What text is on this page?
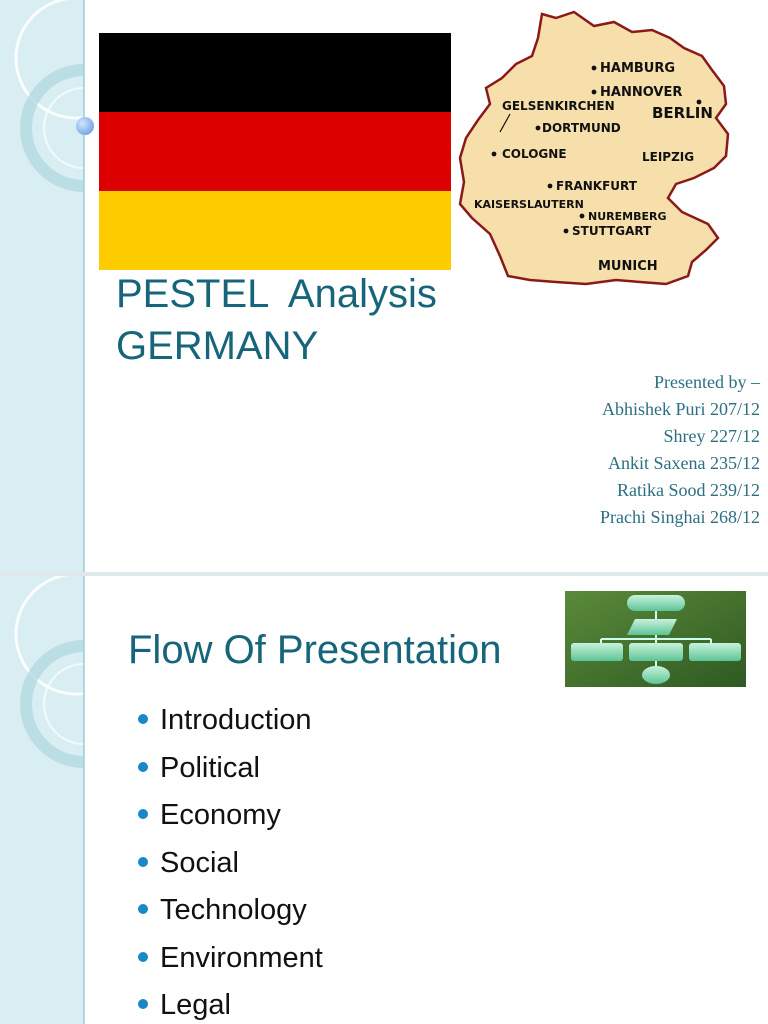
HAMBURG
HANNOVER
BERLIN
GELSENKIRCHEN
DORTMUND
COLOGNE	LEIPZIG
FRANKFURT
KAISERSLAUTERN
NUREMBERG
STUTTGART
MUNICH
PESTEL  Analysis
GERMANY
Presented by –
Abhishek Puri 207/12
Shrey 227/12
Ankit Saxena 235/12
Ratika Sood 239/12
Prachi Singhai 268/12
Flow Of Presentation
Introduction
Political
Economy
Social
Technology
Environment
Legal
